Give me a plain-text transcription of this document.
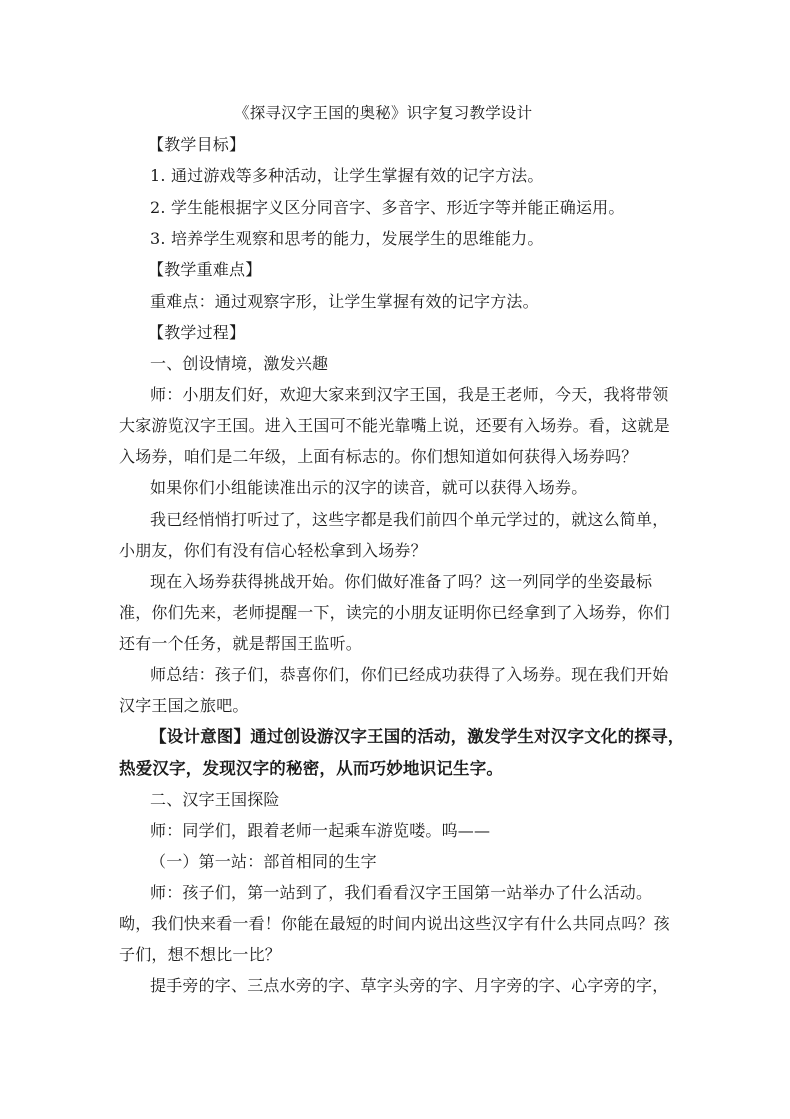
《探寻汉字王国的奥秘》识字复习教学设计
【教学目标】
1. 通过游戏等多种活动，让学生掌握有效的记字方法。
2. 学生能根据字义区分同音字、多音字、形近字等并能正确运用。
3. 培养学生观察和思考的能力，发展学生的思维能力。
【教学重难点】
重难点：通过观察字形，让学生掌握有效的记字方法。
【教学过程】
一、创设情境，激发兴趣
师：小朋友们好，欢迎大家来到汉字王国，我是王老师，今天，我将带领
大家游览汉字王国。进入王国可不能光靠嘴上说，还要有入场券。看，这就是
入场券，咱们是二年级，上面有标志的。你们想知道如何获得入场券吗？
如果你们小组能读准出示的汉字的读音，就可以获得入场券。
我已经悄悄打听过了，这些字都是我们前四个单元学过的，就这么简单，
小朋友，你们有没有信心轻松拿到入场券？
现在入场券获得挑战开始。你们做好准备了吗？这一列同学的坐姿最标
准，你们先来，老师提醒一下，读完的小朋友证明你已经拿到了入场券，你们
还有一个任务，就是帮国王监听。
师总结：孩子们，恭喜你们，你们已经成功获得了入场券。现在我们开始
汉字王国之旅吧。
【设计意图】通过创设游汉字王国的活动，激发学生对汉字文化的探寻，
热爱汉字，发现汉字的秘密，从而巧妙地识记生字。
二、汉字王国探险
师：同学们，跟着老师一起乘车游览喽。呜——
（一）第一站：部首相同的生字
师：孩子们，第一站到了，我们看看汉字王国第一站举办了什么活动。
呦，我们快来看一看！你能在最短的时间内说出这些汉字有什么共同点吗？孩
子们，想不想比一比？
提手旁的字、三点水旁的字、草字头旁的字、月字旁的字、心字旁的字，
